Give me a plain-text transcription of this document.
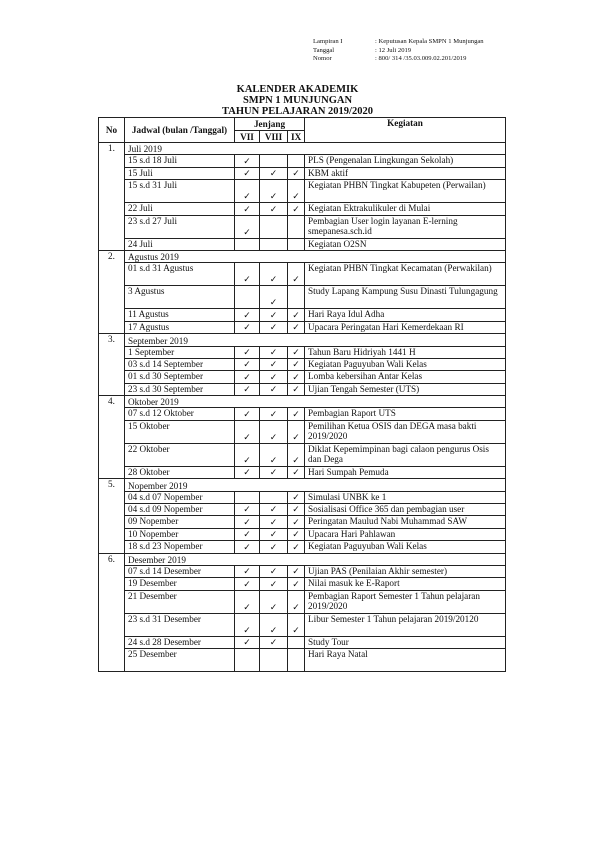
Lampiran I	: Keputusan Kepala SMPN 1 Munjungan
Tanggal	: 12 Juli 2019
Nomor	: 800/ 314 /35.03.009.02.201/2019
KALENDER AKADEMIK
SMPN 1 MUNJUNGAN
TAHUN PELAJARAN 2019/2020
No	Jadwal (bulan /Tanggal)	Jenjang			Kegiatan
		VII	VIII	IX	
1.	Juli 2019				
	15 s.d 18 Juli	✓			PLS (Pengenalan Lingkungan Sekolah)
	15 Juli	✓	✓	✓	KBM aktif
	15 s.d 31 Juli	✓	✓	✓	Kegiatan PHBN Tingkat Kabupeten (Perwailan)
	22 Juli	✓	✓	✓	Kegiatan Ektrakulikuler di Mulai
	23 s.d 27 Juli	✓			Pembagian User login layanan E-lerning smepanesa.sch.id
	24 Juli				Kegiatan O2SN
2.	Agustus 2019				
	01 s.d 31 Agustus	✓	✓	✓	Kegiatan PHBN Tingkat Kecamatan (Perwakilan)
	3 Agustus		✓		Study Lapang Kampung Susu Dinasti Tulungagung
	11 Agustus	✓	✓	✓	Hari Raya Idul Adha
	17 Agustus	✓	✓	✓	Upacara Peringatan Hari Kemerdekaan RI
3.	September 2019				
	1 September	✓	✓	✓	Tahun Baru Hidriyah 1441 H
	03 s.d 14 September	✓	✓	✓	Kegiatan Paguyuban Wali Kelas
	01 s.d 30 September	✓	✓	✓	Lomba kebersihan Antar Kelas
	23 s.d 30 September	✓	✓	✓	Ujian Tengah Semester (UTS)
4.	Oktober 2019				
	07 s.d 12 Oktober	✓	✓	✓	Pembagian Raport UTS
	15 Oktober	✓	✓	✓	Pemilihan Ketua OSIS dan DEGA masa bakti 2019/2020
	22 Oktober	✓	✓	✓	Diklat Kepemimpinan bagi calaon pengurus Osis dan Dega
	28 Oktober	✓	✓	✓	Hari Sumpah Pemuda
5.	Nopember 2019				
	04 s.d 07 Nopember			✓	Simulasi UNBK ke 1
	04 s.d 09 Nopember	✓	✓	✓	Sosialisasi Office 365 dan pembagian user
	09 Nopember	✓	✓	✓	Peringatan Maulud Nabi Muhammad SAW
	10 Nopember	✓	✓	✓	Upacara Hari Pahlawan
	18 s.d 23 Nopember	✓	✓	✓	Kegiatan Paguyuban Wali Kelas
6.	Desember 2019				
	07 s.d 14 Desember	✓	✓	✓	Ujian PAS (Penilaian Akhir semester)
	19 Desember	✓	✓	✓	Nilai masuk ke E-Raport
	21 Desember	✓	✓	✓	Pembagian Raport Semester 1 Tahun pelajaran 2019/2020
	23 s.d 31 Desember	✓	✓	✓	Libur Semester 1 Tahun pelajaran 2019/20120
	24 s.d 28 Desember	✓	✓		Study Tour
	25 Desember				Hari Raya Natal
